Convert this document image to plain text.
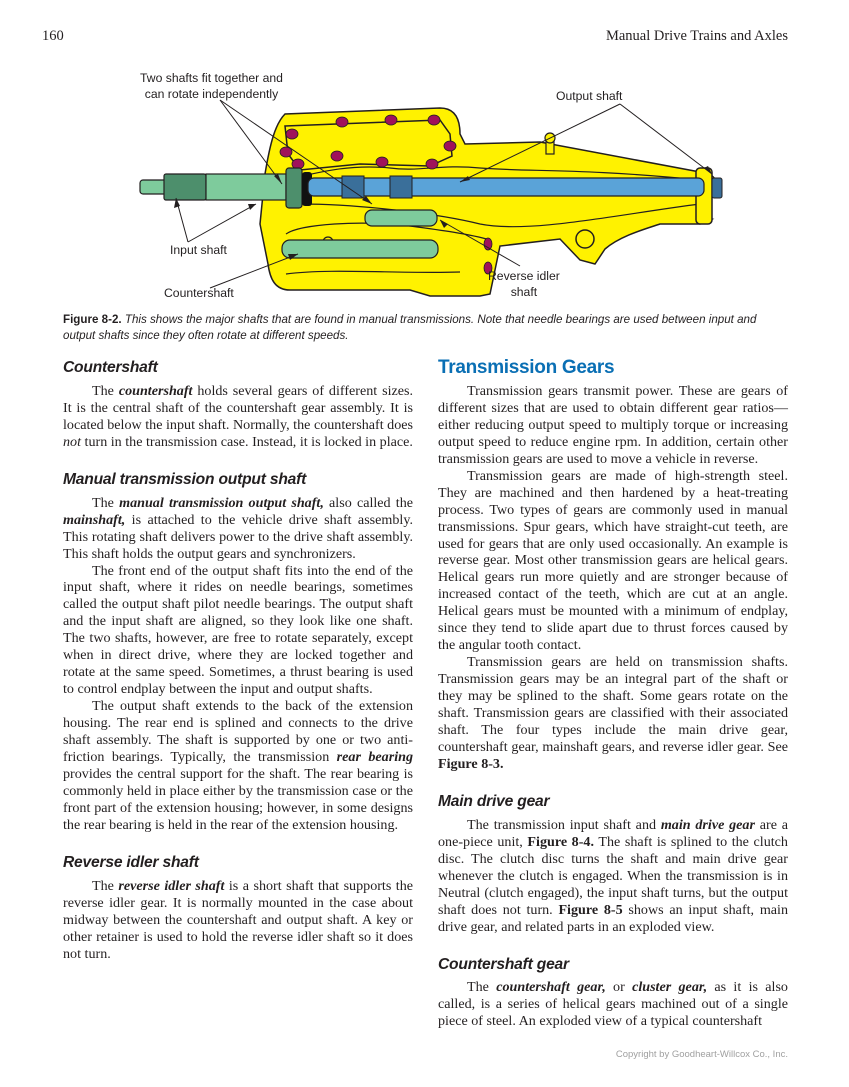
160	Manual Drive Trains and Axles
Two shafts fit together and
can rotate independently	Output shaft
Input shaft
Countershaft
Reverse idler
shaft
Figure 8-2. This shows the major shafts that are found in manual transmissions. Note that needle bearings are used between input and output shafts since they often rotate at different speeds.
Countershaft

The countershaft holds several gears of different sizes. It is the central shaft of the countershaft gear assembly. It is located below the input shaft. Normally, the countershaft does not turn in the transmission case. Instead, it is locked in place.

Manual transmission output shaft

The manual transmission output shaft, also called the mainshaft, is attached to the vehicle drive shaft assembly. This rotating shaft delivers power to the drive shaft assembly. This shaft holds the output gears and synchronizers.

The front end of the output shaft fits into the end of the input shaft, where it rides on needle bearings, sometimes called the output shaft pilot needle bearings. The output shaft and the input shaft are aligned, so they look like one shaft. The two shafts, however, are free to rotate separately, except when in direct drive, where they are locked together and rotate at the same speed. Sometimes, a thrust bearing is used to control endplay between the input and output shafts.

The output shaft extends to the back of the extension housing. The rear end is splined and connects to the drive shaft assembly. The shaft is supported by one or two anti-friction bearings. Typically, the transmission rear bearing provides the central support for the shaft. The rear bearing is commonly held in place either by the transmission case or the front part of the extension housing; however, in some designs the rear bearing is held in the rear of the extension housing.

Reverse idler shaft

The reverse idler shaft is a short shaft that supports the reverse idler gear. It is normally mounted in the case about midway between the countershaft and output shaft. A key or other retainer is used to hold the reverse idler shaft so it does not turn.

Transmission Gears

Transmission gears transmit power. These are gears of different sizes that are used to obtain different gear ratios—either reducing output speed to multiply torque or increasing output speed to reduce engine rpm. In addition, certain other transmission gears are used to move a vehicle in reverse.

Transmission gears are made of high-strength steel. They are machined and then hardened by a heat-treating process. Two types of gears are commonly used in manual transmissions. Spur gears, which have straight-cut teeth, are used for gears that are only used occasionally. An example is reverse gear. Most other transmission gears are helical gears. Helical gears run more quietly and are stronger because of increased contact of the teeth, which are cut at an angle. Helical gears must be mounted with a minimum of endplay, since they tend to slide apart due to thrust forces caused by the angular tooth contact.

Transmission gears are held on transmission shafts. Transmission gears may be an integral part of the shaft or they may be splined to the shaft. Some gears rotate on the shaft. Transmission gears are classified with their associated shaft. The four types include the main drive gear, countershaft gear, mainshaft gears, and reverse idler gear. See Figure 8-3.

Main drive gear

The transmission input shaft and main drive gear are a one-piece unit, Figure 8-4. The shaft is splined to the clutch disc. The clutch disc turns the shaft and main drive gear whenever the clutch is engaged. When the transmission is in Neutral (clutch engaged), the input shaft turns, but the output shaft does not turn. Figure 8-5 shows an input shaft, main drive gear, and related parts in an exploded view.

Countershaft gear

The countershaft gear, or cluster gear, as it is also called, is a series of helical gears machined out of a single piece of steel. An exploded view of a typical countershaft

Copyright by Goodheart-Willcox Co., Inc.
